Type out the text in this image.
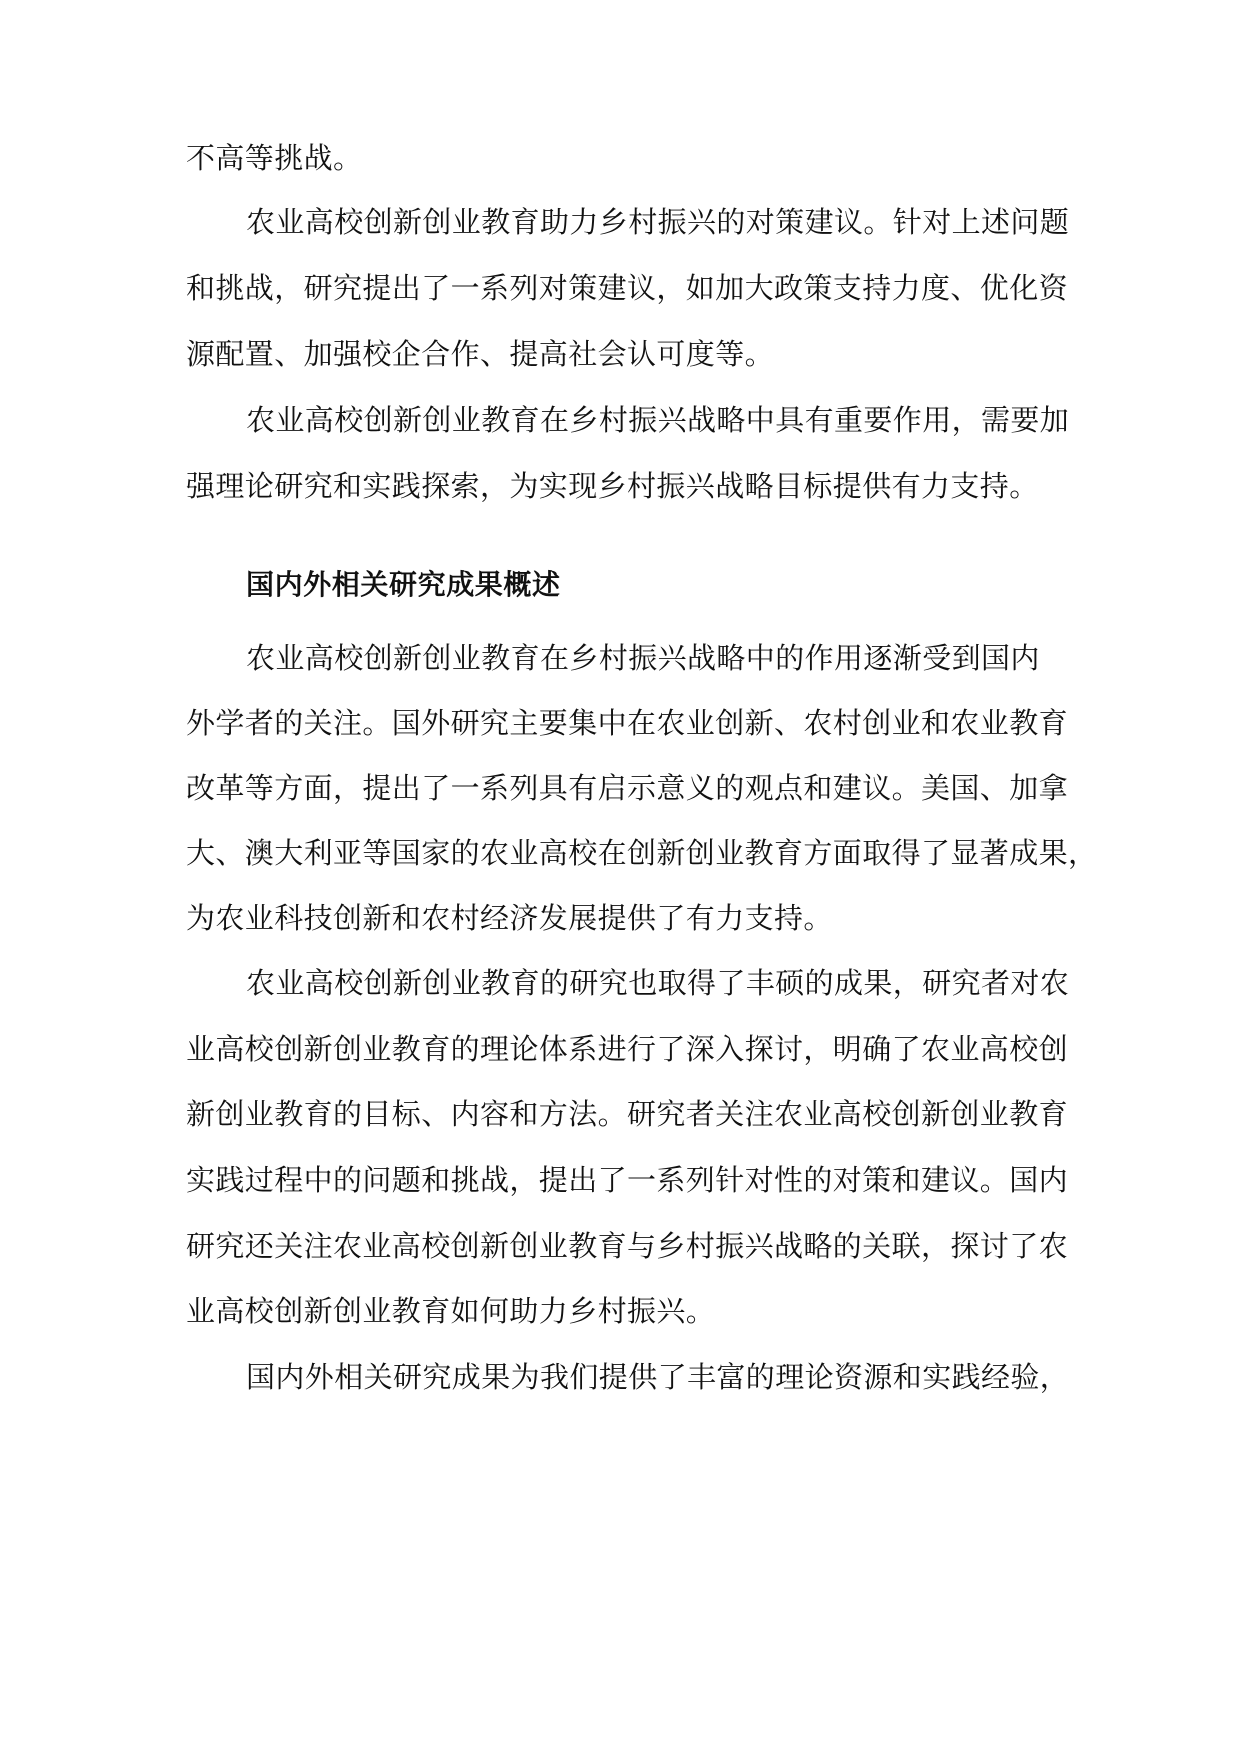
不高等挑战。
农业高校创新创业教育助力乡村振兴的对策建议。针对上述问题
和挑战，研究提出了一系列对策建议，如加大政策支持力度、优化资
源配置、加强校企合作、提高社会认可度等。
农业高校创新创业教育在乡村振兴战略中具有重要作用，需要加
强理论研究和实践探索，为实现乡村振兴战略目标提供有力支持。
国内外相关研究成果概述
农业高校创新创业教育在乡村振兴战略中的作用逐渐受到国内
外学者的关注。国外研究主要集中在农业创新、农村创业和农业教育
改革等方面，提出了一系列具有启示意义的观点和建议。美国、加拿
大、澳大利亚等国家的农业高校在创新创业教育方面取得了显著成果，
为农业科技创新和农村经济发展提供了有力支持。
农业高校创新创业教育的研究也取得了丰硕的成果，研究者对农
业高校创新创业教育的理论体系进行了深入探讨，明确了农业高校创
新创业教育的目标、内容和方法。研究者关注农业高校创新创业教育
实践过程中的问题和挑战，提出了一系列针对性的对策和建议。国内
研究还关注农业高校创新创业教育与乡村振兴战略的关联，探讨了农
业高校创新创业教育如何助力乡村振兴。
国内外相关研究成果为我们提供了丰富的理论资源和实践经验，
